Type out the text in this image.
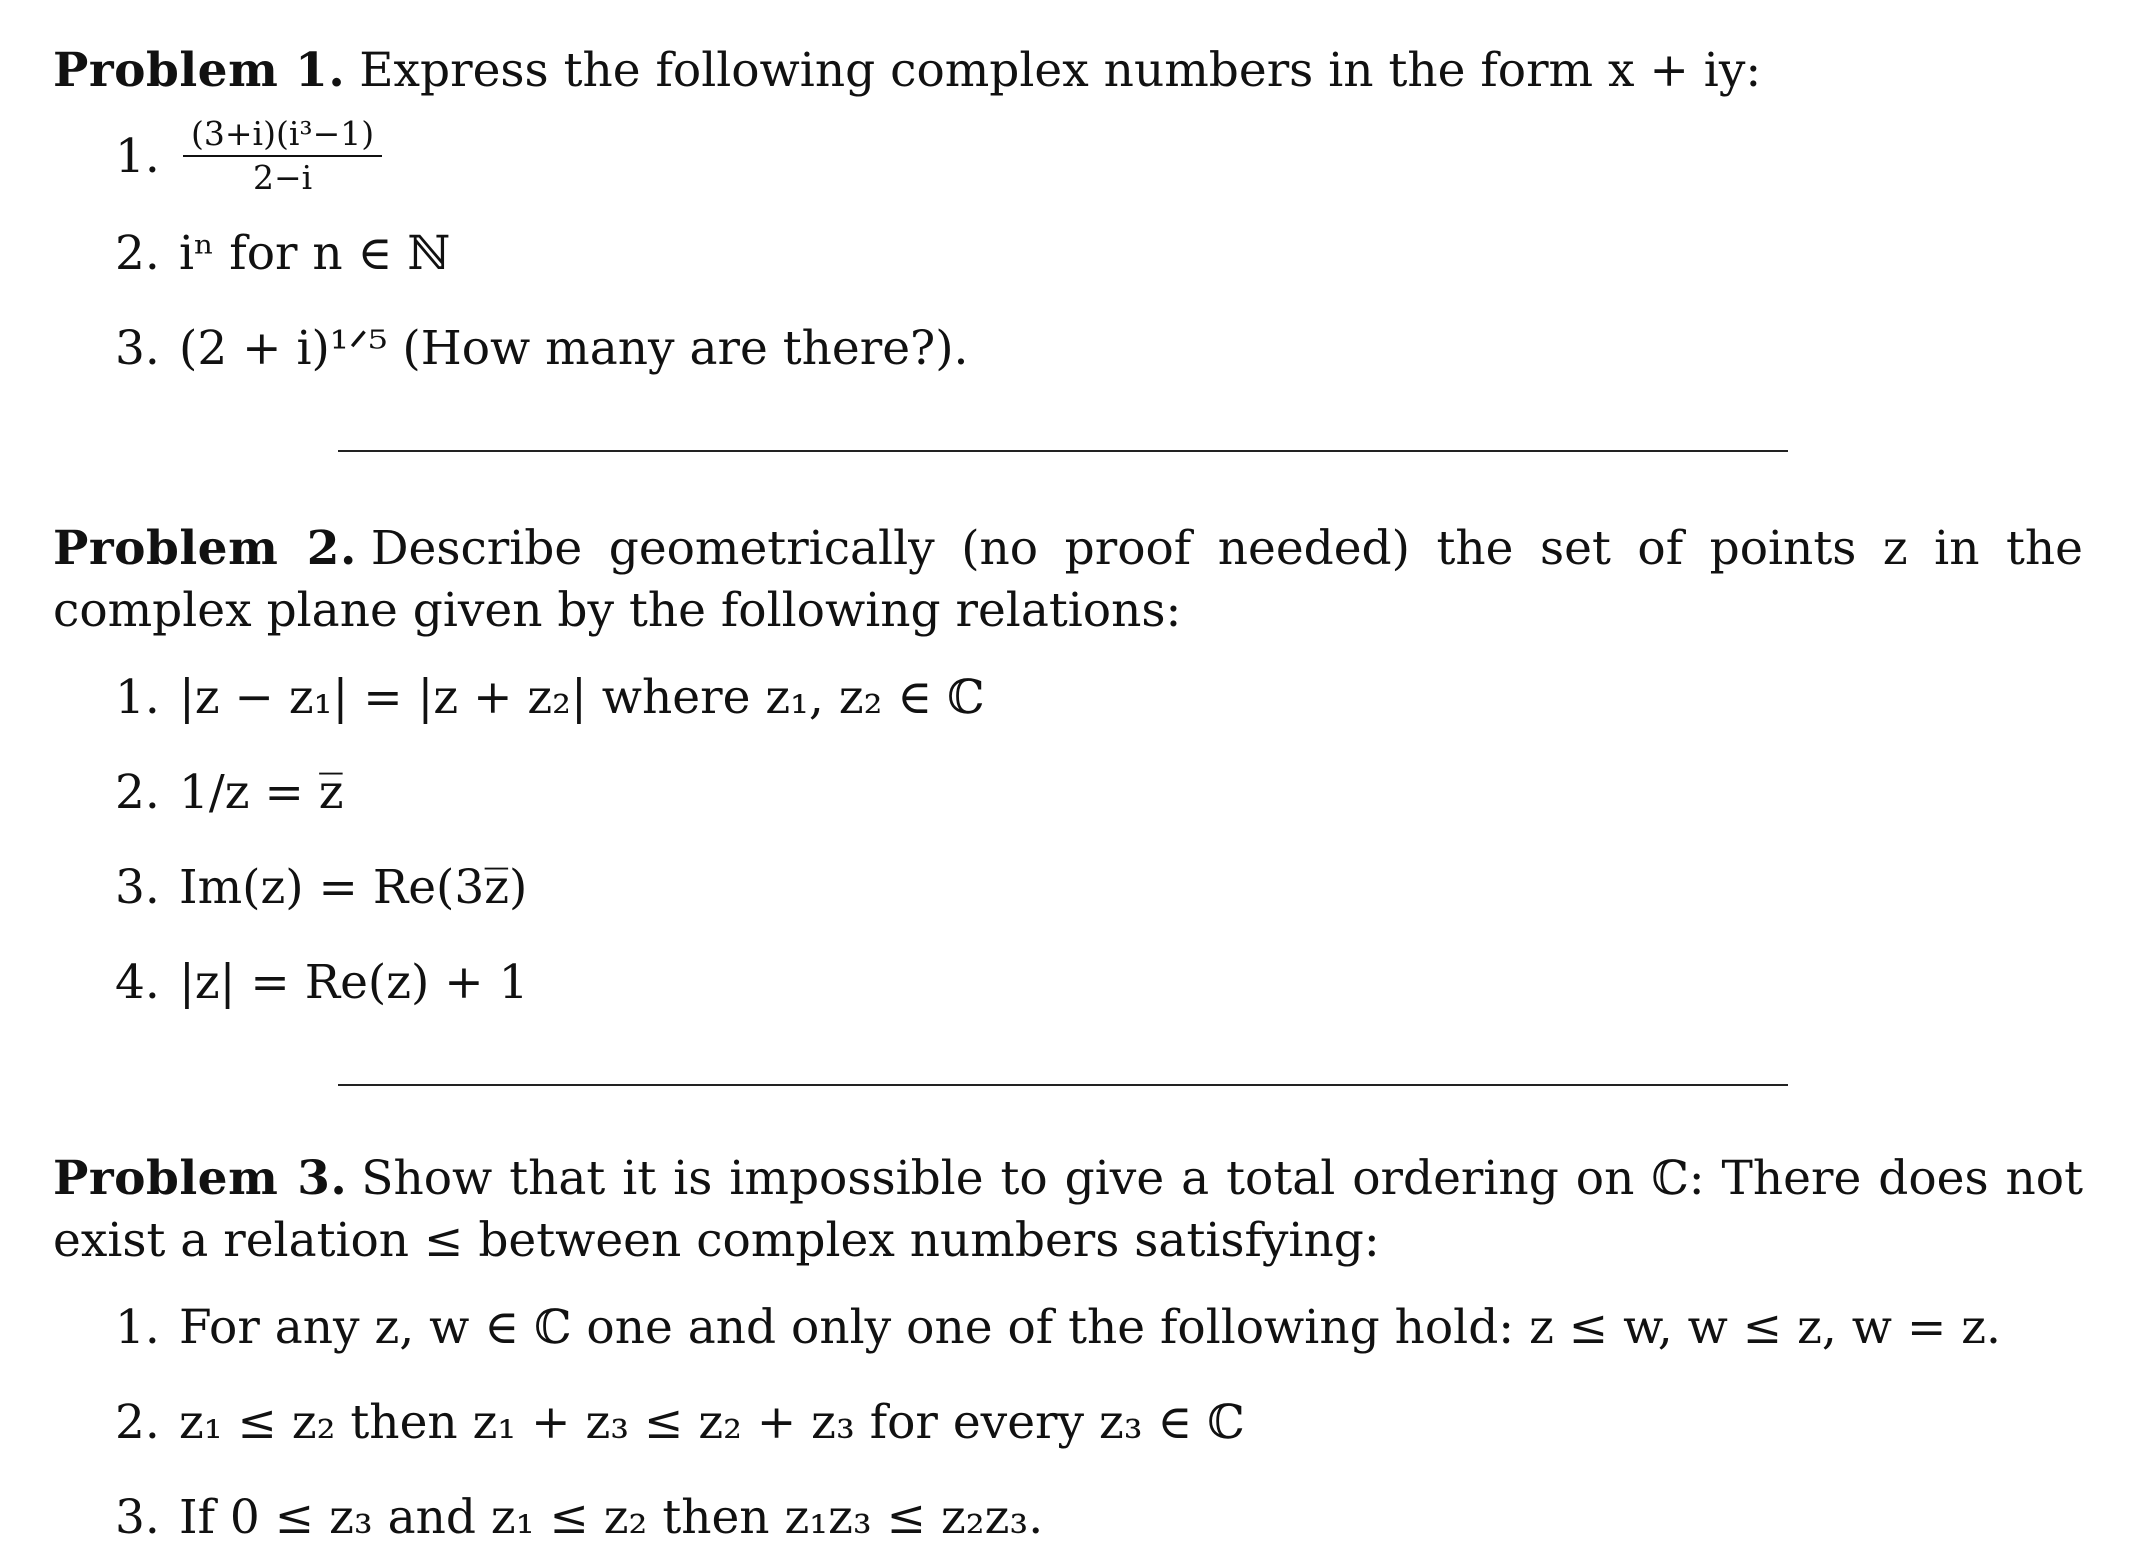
Problem 1. Express the following complex numbers in the form x + iy:

1. $\frac{\text{(3+i)(i³−1)}}{2-i}$
2. iⁿ for n ∈ ℕ
3. (2 + i)¹ᐟ⁵ (How many are there?).

Problem 2. Describe geometrically (no proof needed) the set of points z in the complex plane given by the following relations:

1. |z − z₁| = |z + z₂| where z₁, z₂ ∈ ℂ
2. 1/z = z̅
3. Im(z) = Re(3z̅)
4. |z| = Re(z) + 1

Problem 3. Show that it is impossible to give a total ordering on ℂ: There does not exist a relation ≤ between complex numbers satisfying:

1. For any z, w ∈ ℂ one and only one of the following hold: z ≤ w, w ≤ z, w = z.
2. z₁ ≤ z₂ then z₁ + z₃ ≤ z₂ + z₃ for every z₃ ∈ ℂ
3. If 0 ≤ z₃ and z₁ ≤ z₂ then z₁z₃ ≤ z₂z₃.
